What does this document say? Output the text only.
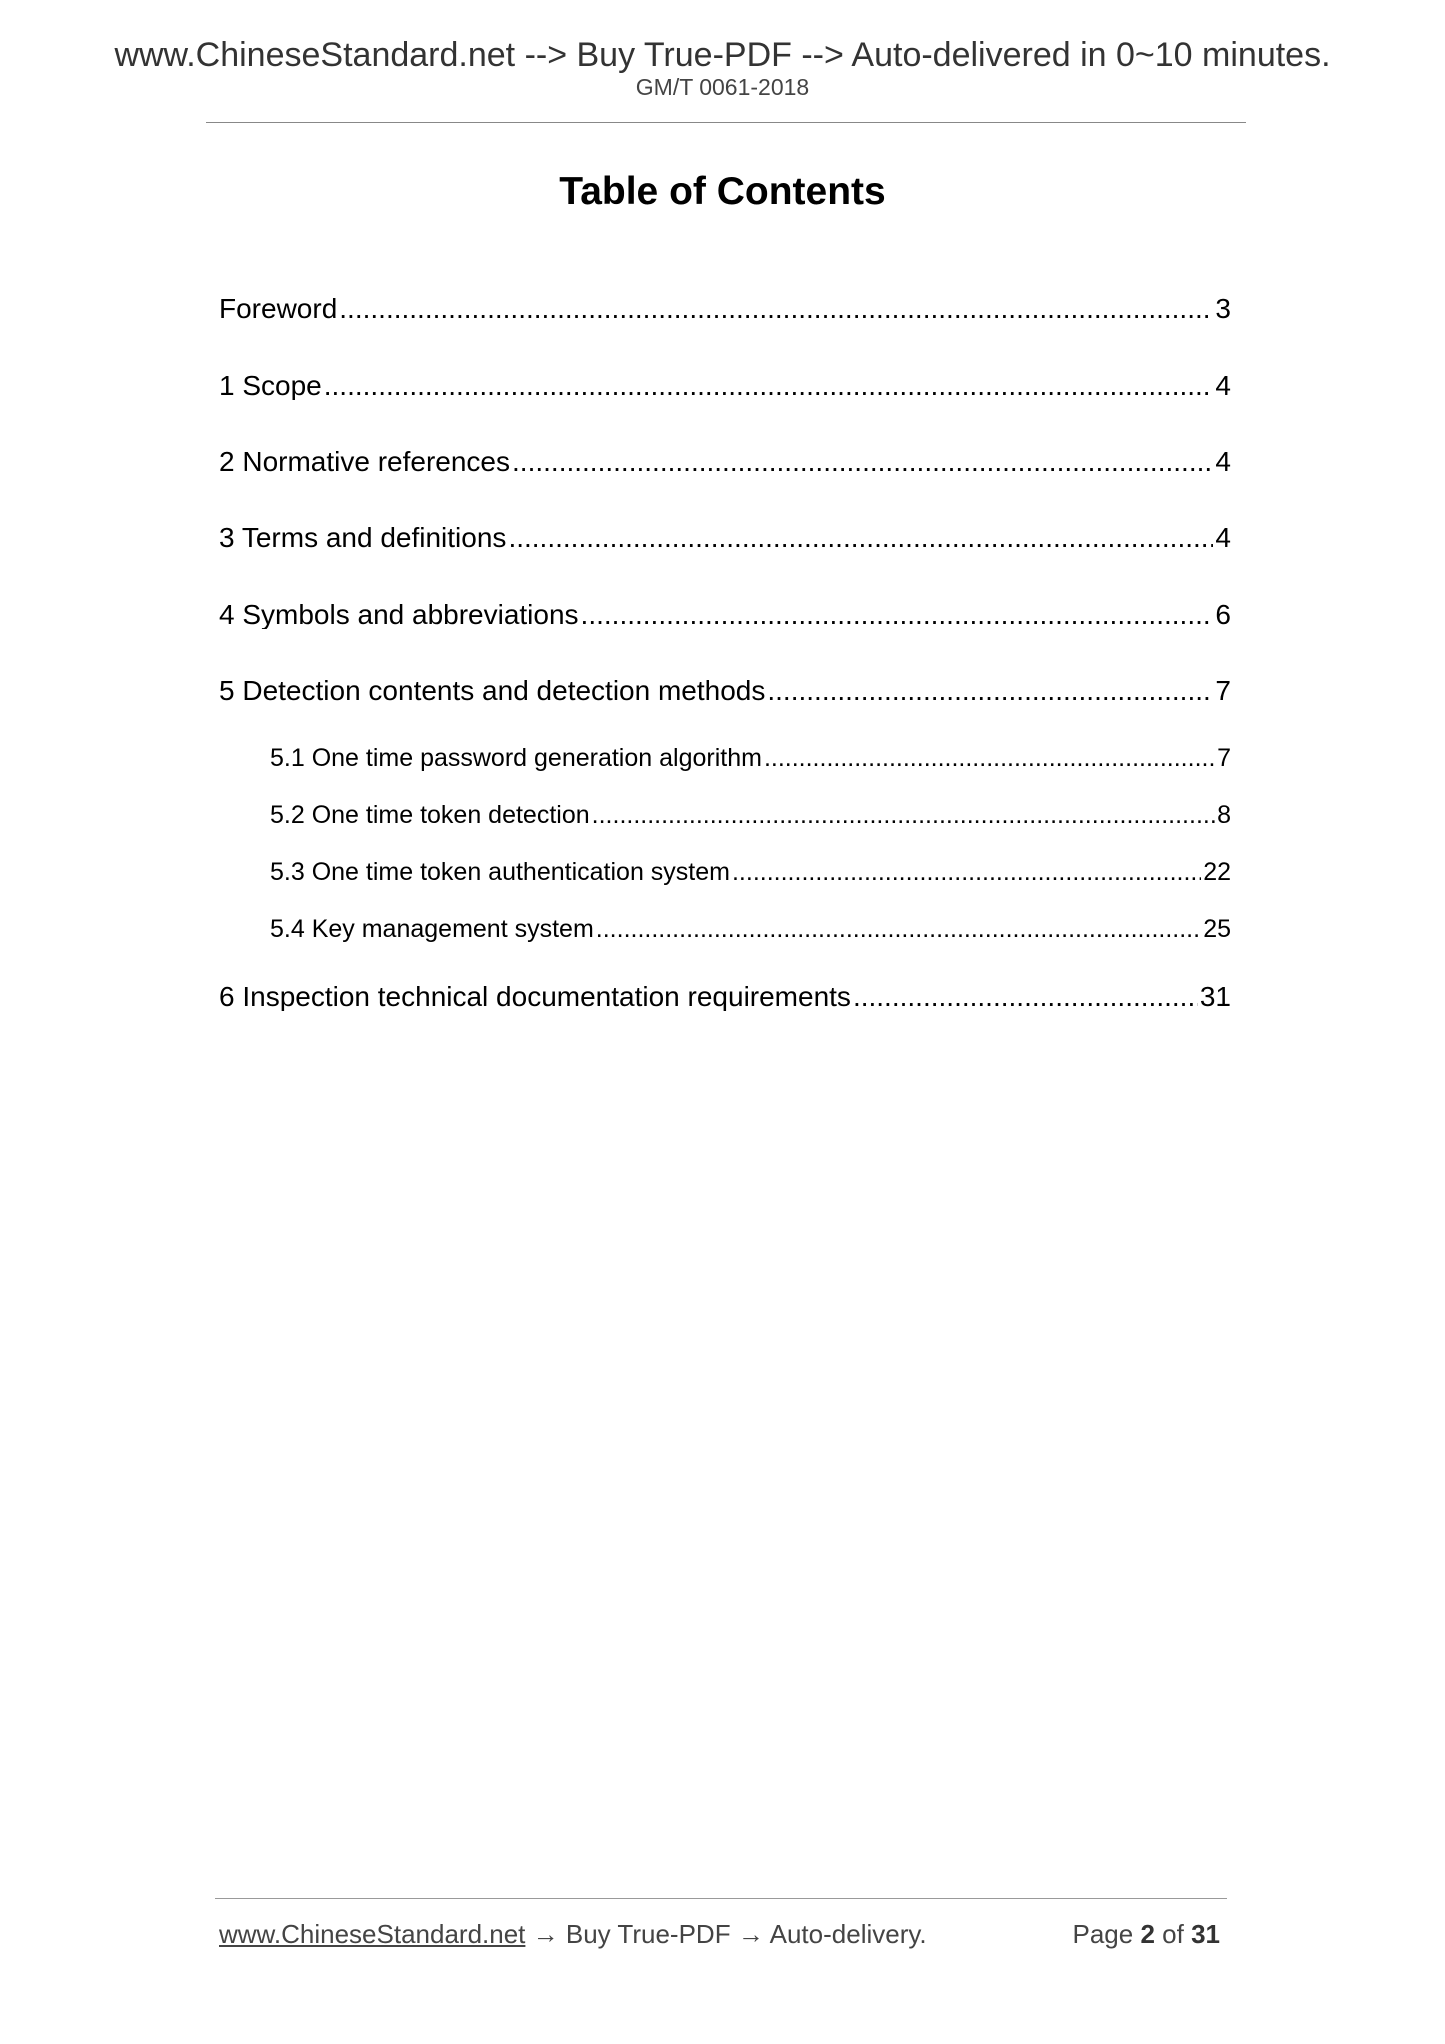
www.ChineseStandard.net --> Buy True-PDF --> Auto-delivered in 0~10 minutes.
GM/T 0061-2018
Table of Contents
Foreword .....	3
1 Scope .....	4
2 Normative references .....	4
3 Terms and definitions .....	4
4 Symbols and abbreviations .....	6
5 Detection contents and detection methods .....	7
5.1 One time password generation algorithm .....	7
5.2 One time token detection .....	8
5.3 One time token authentication system .....	22
5.4 Key management system .....	25
6 Inspection technical documentation requirements .....	31
www.ChineseStandard.net → Buy True-PDF → Auto-delivery.	Page 2 of 31
